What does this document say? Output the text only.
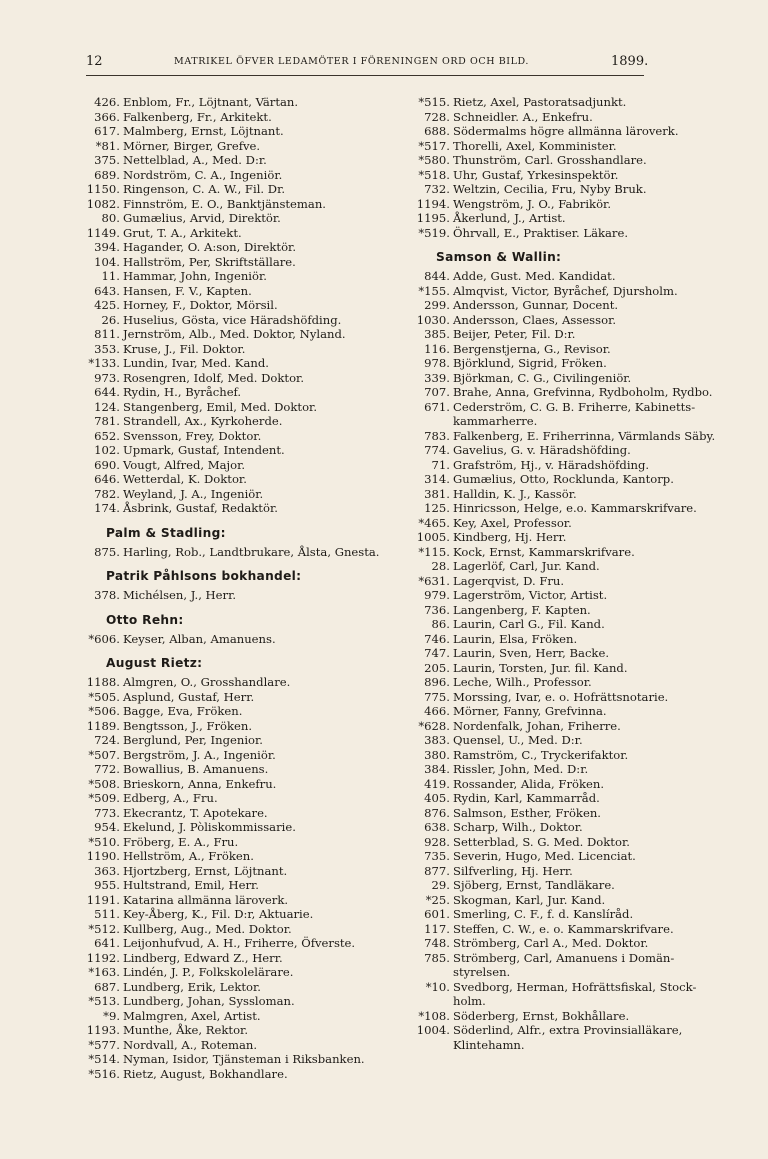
12	MATRIKEL ÖFVER LEDAMÖTER I FÖRENINGEN ORD OCH BILD.	1899.
426. Enblom, Fr., Löjtnant, Värtan.
366. Falkenberg, Fr., Arkitekt.
617. Malmberg, Ernst, Löjtnant.
*81. Mörner, Birger, Grefve.
375. Nettelblad, A., Med. D:r.
689. Nordström, C. A., Ingeniör.
1150. Ringenson, C. A. W., Fil. Dr.
1082. Finnström, E. O., Banktjänsteman.
80. Gumælius, Arvid, Direktör.
1149. Grut, T. A., Arkitekt.
394. Hagander, O. A:son, Direktör.
104. Hallström, Per, Skriftställare.
11. Hammar, John, Ingeniör.
643. Hansen, F. V., Kapten.
425. Horney, F., Doktor, Mörsil.
26. Huselius, Gösta, vice Häradshöfding.
811. Jernström, Alb., Med. Doktor, Nyland.
353. Kruse, J., Fil. Doktor.
*133. Lundin, Ivar, Med. Kand.
973. Rosengren, Idolf, Med. Doktor.
644. Rydin, H., Byråchef.
124. Stangenberg, Emil, Med. Doktor.
781. Strandell, Ax., Kyrkoherde.
652. Svensson, Frey, Doktor.
102. Upmark, Gustaf, Intendent.
690. Vougt, Alfred, Major.
646. Wetterdal, K. Doktor.
782. Weyland, J. A., Ingeniör.
174. Åsbrink, Gustaf, Redaktör.
Palm & Stadling:
875. Harling, Rob., Landtbrukare, Ålsta, Gnesta.
Patrik Påhlsons bokhandel:
378. Michélsen, J., Herr.
Otto Rehn:
*606. Keyser, Alban, Amanuens.
August Rietz:
1188. Almgren, O., Grosshandlare.
*505. Asplund, Gustaf, Herr.
*506. Bagge, Eva, Fröken.
1189. Bengtsson, J., Fröken.
724. Berglund, Per, Ingenior.
*507. Bergström, J. A., Ingeniör.
772. Bowallius, B. Amanuens.
*508. Brieskorn, Anna, Enkefru.
*509. Edberg, A., Fru.
773. Ekecrantz, T. Apotekare.
954. Ekelund, J. Pòliskommissarie.
*510. Fröberg, E. A., Fru.
1190. Hellström, A., Fröken.
363. Hjortzberg, Ernst, Löjtnant.
955. Hultstrand, Emil, Herr.
1191. Katarina allmänna läroverk.
511. Key-Åberg, K., Fil. D:r, Aktuarie.
*512. Kullberg, Aug., Med. Doktor.
641. Leijonhufvud, A. H., Friherre, Öfverste.
1192. Lindberg, Edward Z., Herr.
*163. Lindén, J. P., Folkskolelärare.
687. Lundberg, Erik, Lektor.
*513. Lundberg, Johan, Syssloman.
*9. Malmgren, Axel, Artist.
1193. Munthe, Åke, Rektor.
*577. Nordvall, A., Roteman.
*514. Nyman, Isidor, Tjänsteman i Riksbanken.
*516. Rietz, August, Bokhandlare.
*515. Rietz, Axel, Pastoratsadjunkt.
728. Schneidler. A., Enkefru.
688. Södermalms högre allmänna läroverk.
*517. Thorelli, Axel, Komminister.
*580. Thunström, Carl. Grosshandlare.
*518. Uhr, Gustaf, Yrkesinspektör.
732. Weltzin, Cecilia, Fru, Nyby Bruk.
1194. Wengström, J. O., Fabrikör.
1195. Åkerlund, J., Artist.
*519. Öhrvall, E., Praktiser. Läkare.
Samson & Wallin:
844. Adde, Gust. Med. Kandidat.
*155. Almqvist, Victor, Byråchef, Djursholm.
299. Andersson, Gunnar, Docent.
1030. Andersson, Claes, Assessor.
385. Beijer, Peter, Fil. D:r.
116. Bergenstjerna, G., Revisor.
978. Björklund, Sigrid, Fröken.
339. Björkman, C. G., Civilingeniör.
707. Brahe, Anna, Grefvinna, Rydboholm, Rydbo.
671. Cederström, C. G. B. Friherre, Kabinetts-kammarherre.
783. Falkenberg, E. Friherrinna, Värmlands Säby.
774. Gavelius, G. v. Häradshöfding.
71. Grafström, Hj., v. Häradshöfding.
314. Gumælius, Otto, Rocklunda, Kantorp.
381. Halldin, K. J., Kassör.
125. Hinricsson, Helge, e.o. Kammarskrifvare.
*465. Key, Axel, Professor.
1005. Kindberg, Hj. Herr.
*115. Kock, Ernst, Kammarskrifvare.
28. Lagerlöf, Carl, Jur. Kand.
*631. Lagerqvist, D. Fru.
979. Lagerström, Victor, Artist.
736. Langenberg, F. Kapten.
86. Laurin, Carl G., Fil. Kand.
746. Laurin, Elsa, Fröken.
747. Laurin, Sven, Herr, Backe.
205. Laurin, Torsten, Jur. fil. Kand.
896. Leche, Wilh., Professor.
775. Morssing, Ivar, e. o. Hofrättsnotarie.
466. Mörner, Fanny, Grefvinna.
*628. Nordenfalk, Johan, Friherre.
383. Quensel, U., Med. D:r.
380. Ramström, C., Tryckerifaktor.
384. Rissler, John, Med. D:r.
419. Rossander, Alida, Fröken.
405. Rydin, Karl, Kammarråd.
876. Salmson, Esther, Fröken.
638. Scharp, Wilh., Doktor.
928. Setterblad, S. G. Med. Doktor.
735. Severin, Hugo, Med. Licenciat.
877. Silfverling, Hj. Herr.
29. Sjöberg, Ernst, Tandläkare.
*25. Skogman, Karl, Jur. Kand.
601. Smerling, C. F., f. d. Kanslíråd.
117. Steffen, C. W., e. o. Kammarskrifvare.
748. Strömberg, Carl A., Med. Doktor.
785. Strömberg, Carl, Amanuens i Domän-styrelsen.
*10. Svedborg, Herman, Hofrättsfiskal, Stock-holm.
*108. Söderberg, Ernst, Bokhållare.
1004. Söderlind, Alfr., extra Provinsialläkare, Klintehamn.
